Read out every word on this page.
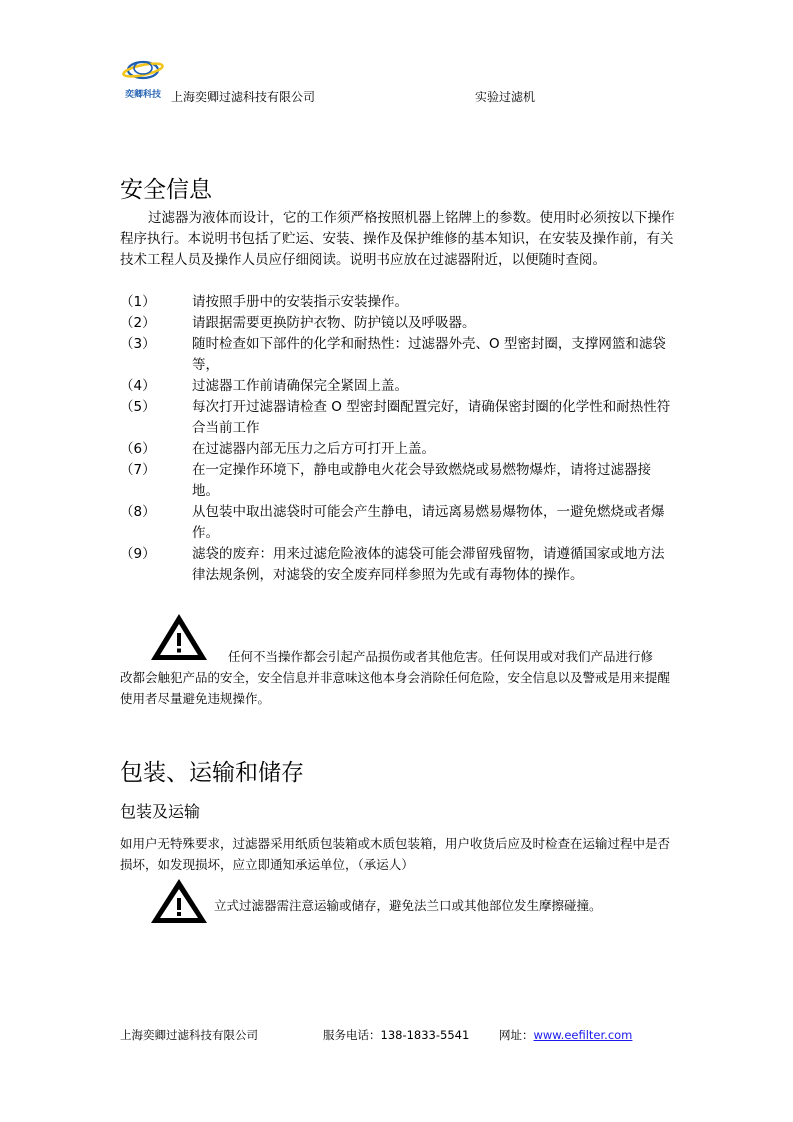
奕卿科技 上海奕卿过滤科技有限公司	实验过滤机
安全信息
过滤器为液体而设计，它的工作须严格按照机器上铭牌上的参数。使用时必须按以下操作程序执行。本说明书包括了贮运、安装、操作及保护维修的基本知识，在安装及操作前，有关技术工程人员及操作人员应仔细阅读。说明书应放在过滤器附近，以便随时查阅。
（1）	请按照手册中的安装指示安装操作。
（2）	请跟据需要更换防护衣物、防护镜以及呼吸器。
（3）	随时检查如下部件的化学和耐热性：过滤器外壳、O 型密封圈，支撑网篮和滤袋等，
（4）	过滤器工作前请确保完全紧固上盖。
（5）	每次打开过滤器请检查 O 型密封圈配置完好，请确保密封圈的化学性和耐热性符合当前工作
（6）	在过滤器内部无压力之后方可打开上盖。
（7）	在一定操作环境下，静电或静电火花会导致燃烧或易燃物爆炸，请将过滤器接地。
（8）	从包装中取出滤袋时可能会产生静电，请远离易燃易爆物体，一避免燃烧或者爆作。
（9）	滤袋的废弃：用来过滤危险液体的滤袋可能会滞留残留物，请遵循国家或地方法律法规条例，对滤袋的安全废弃同样参照为先或有毒物体的操作。
任何不当操作都会引起产品损伤或者其他危害。任何误用或对我们产品进行修
改都会触犯产品的安全，安全信息并非意味这他本身会消除任何危险，安全信息以及警戒是用来提醒使用者尽量避免违规操作。
包装、运输和储存
包装及运输
如用户无特殊要求，过滤器采用纸质包装箱或木质包装箱，用户收货后应及时检查在运输过程中是否损坏，如发现损坏，应立即通知承运单位，（承运人）
立式过滤器需注意运输或储存，避免法兰口或其他部位发生摩擦碰撞。
上海奕卿过滤科技有限公司	服务电话：138-1833-5541	网址：www.eefilter.com
